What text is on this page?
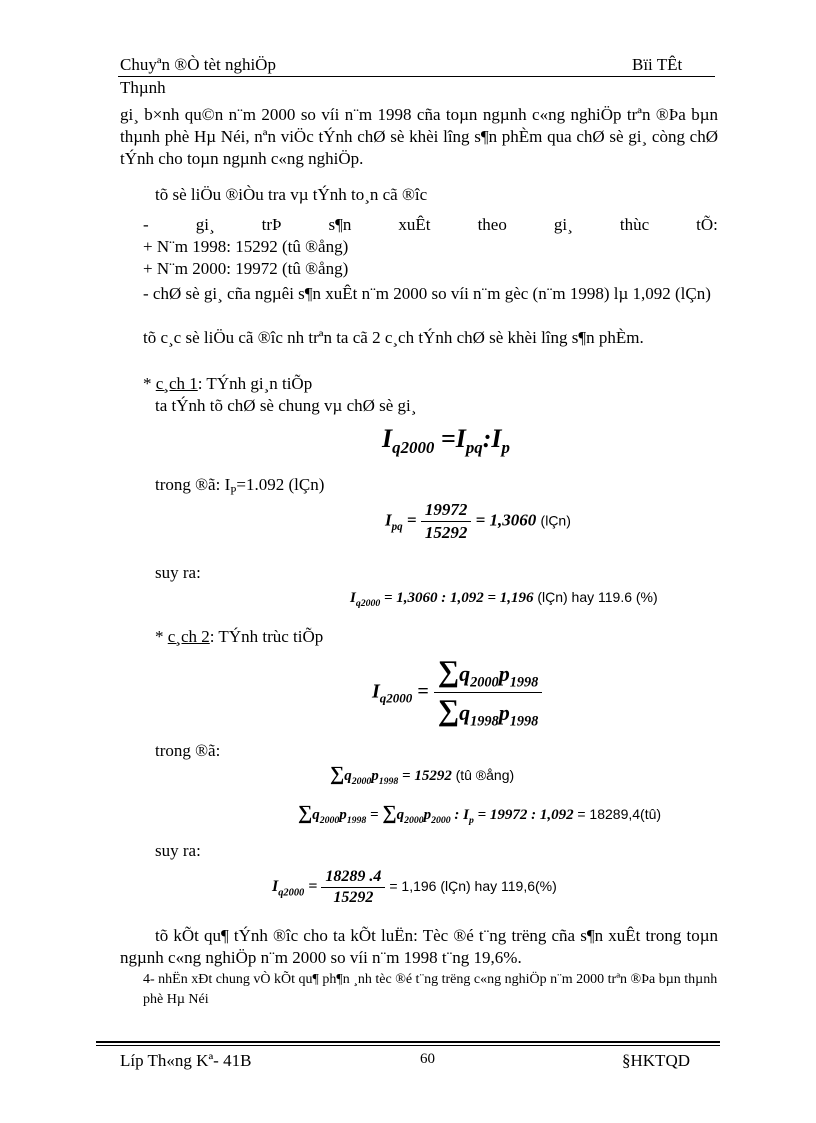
Chuyªn ®Ò tèt nghiÖp	Bïi TÊt
Thµnh
gi¸ b×nh qu©n n¨m 2000 so víi n¨m 1998 cña toµn ngµnh c«ng nghiÖp trªn ®Þa bµn thµnh phè Hµ Néi, nªn viÖc tÝnh chØ sè khèi lîng s¶n phÈm qua chØ sè gi¸ còng chØ tÝnh cho toµn ngµnh c«ng nghiÖp.
tõ sè liÖu ®iÒu tra vµ tÝnh to¸n cã ®îc
-	gi¸	trÞ	s¶n	xuÊt	theo	gi¸	thùc	tÕ:
+ N¨m 1998: 15292 (tû ®ång)
+ N¨m 2000: 19972 (tû ®ång)
- chØ sè gi¸ cña ngµêi s¶n xuÊt n¨m 2000 so víi n¨m gèc (n¨m 1998) lµ 1,092 (lÇn)
tõ c¸c sè liÖu cã ®îc nh trªn ta cã 2 c¸ch tÝnh chØ sè khèi lîng s¶n phÈm.
* c¸ch 1: TÝnh gi¸n tiÕp
ta tÝnh tõ chØ sè chung vµ chØ sè gi¸
$I_{q2000}$ $=I_{pq}:I_p$
trong ®ã: $I_P=1.092$ (lÇn)
$I_{pq} = \frac{19972}{15292} = 1,3060$ (lÇn)
suy ra:
$I_{q2000} = 1,3060$ : 1,092 = 1,196 (lÇn) hay 119.6 (%)
* c¸ch 2: TÝnh trùc tiÕp
$I_{q2000} = \frac{\sum q_{2000}p_{1998}}{\sum q_{1998}p_{1998}}$
trong ®ã:
$\sum q_{2000}p_{1998} = 15292$ (tû ®ång)
$\sum q_{2000}p_{1998} = \sum q_{2000}p_{2000}$ : $I_p = 19972$ : 1,092 = 18289,4(tû)
suy ra:
$I_{q2000} = \frac{18289 .4}{15292} = 1,196$ (lÇn) hay 119,6(%)
tõ kÕt qu¶ tÝnh ®îc cho ta kÕt luËn: Tèc ®é t¨ng trëng cña s¶n xuÊt trong toµn ngµnh c«ng nghiÖp n¨m 2000 so víi n¨m 1998 t¨ng 19,6%.
4- nhËn xÐt chung vÒ kÕt qu¶ ph¶n ¸nh tèc ®é t¨ng trëng c«ng nghiÖp n¨m 2000 trªn ®Þa bµn thµnh phè Hµ Néi
Líp Th«ng Kª- 41B	60	§HKTQD
